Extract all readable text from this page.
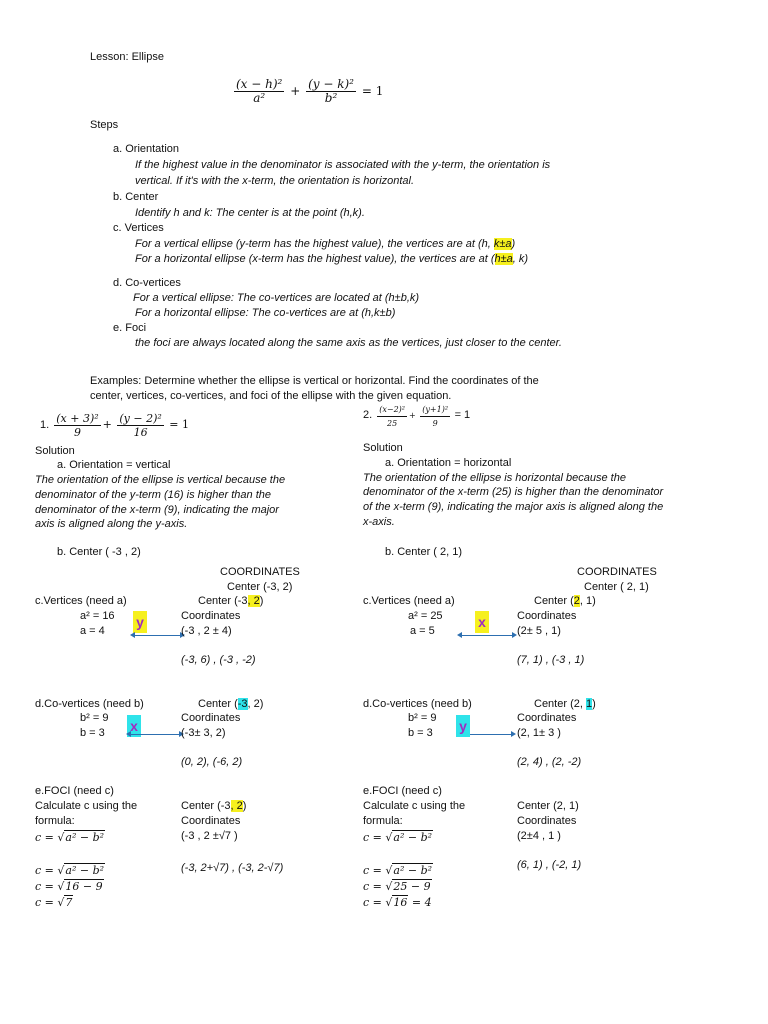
Lesson: Ellipse
$\frac{\text{(x − h)²}}{\text{a²}} + \frac{\text{(y − k)²}}{\text{b²}} = 1$
Steps
a. Orientation
If the highest value in the denominator is associated with the y-term, the orientation is
vertical. If it's with the x-term, the orientation is horizontal.
b. Center
Identify h and k: The center is at the point (h,k).
c. Vertices
For a vertical ellipse (y-term has the highest value), the vertices are at (h, k±a)
For a horizontal ellipse (x-term has the highest value), the vertices are at (h±a, k)
d. Co-vertices
For a vertical ellipse: The co-vertices are located at (h±b,k)
For a horizontal ellipse: The co-vertices are at (h,k±b)
e. Foci
the foci are always located along the same axis as the vertices, just closer to the center.
Examples: Determine whether the ellipse is vertical or horizontal. Find the coordinates of the
center, vertices, co-vertices, and foci of the ellipse with the given equation.
1. $\frac{\text{(x + 3)²}}{9} + \frac{\text{(y − 2)²}}{16} = 1$
Solution
a. Orientation = vertical
The orientation of the ellipse is vertical because the
denominator of the y-term (16) is higher than the
denominator of the x-term (9), indicating the major
axis is aligned along the y-axis.
b. Center ( -3 , 2)
COORDINATES
Center (-3, 2)
c.Vertices (need a)	Center (-3, 2)
a² = 16
a = 4
y	Coordinates
(-3 , 2 ± 4)
(-3, 6) , (-3 , -2)
d.Co-vertices (need b)	Center (-3, 2)
b² = 9
b = 3 x	Coordinates
(-3± 3, 2)
(0, 2), (-6, 2)
e.FOCI (need c)
Calculate c using the
formula:
Center (-3, 2)
Coordinates
(-3 , 2 ±√7 )
(-3, 2+√7) , (-3, 2-√7)
c = √a² − b²
c = √a² − b²
c = √16 − 9
c = √7
2. $\frac{\text{(x−2)²}}{25} + \frac{\text{(y+1)²}}{9} = 1$
Solution
a. Orientation = horizontal
The orientation of the ellipse is horizontal because the
denominator of the x-term (25) is higher than the denominator
of the x-term (9), indicating the major axis is aligned along the
x-axis.
b. Center ( 2, 1)
COORDINATES
Center ( 2, 1)
c.Vertices (need a)	Center (2, 1)
a² = 25
a = 5
x	Coordinates
(2± 5 , 1)
(7, 1) , (-3 , 1)
d.Co-vertices (need b)	Center (2, 1)
b² = 9
b = 3 y	Coordinates
(2, 1± 3 )
(2, 4) , (2, -2)
e.FOCI (need c)
Calculate c using the
formula:
Center (2, 1)
Coordinates
(2±4 , 1 )
(6, 1) , (-2, 1)
c = √a² − b²
c = √a² − b²
c = √25 − 9
c = √16 = 4
